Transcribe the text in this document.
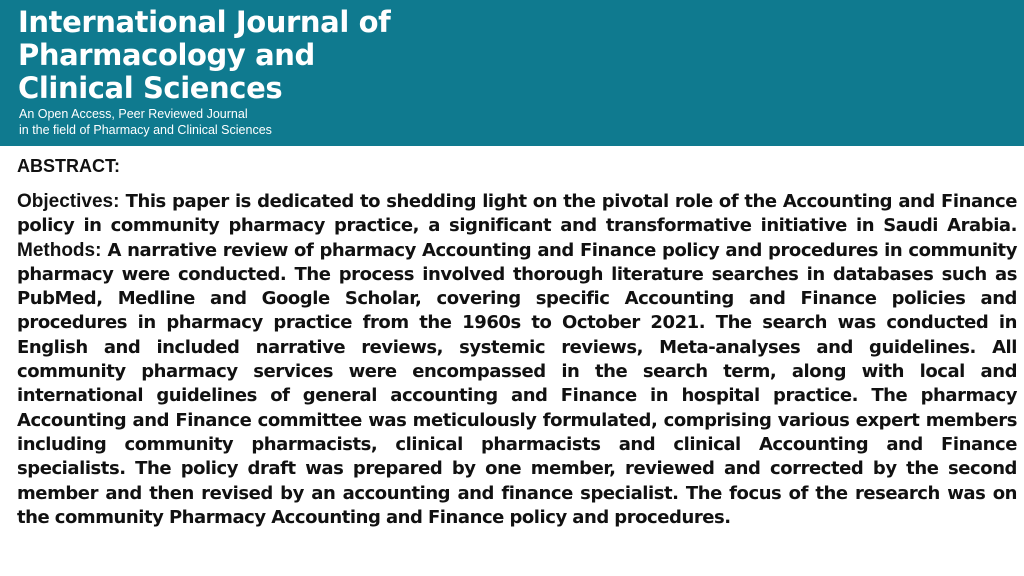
International Journal of
Pharmacology and
Clinical Sciences
An Open Access, Peer Reviewed Journal
in the field of Pharmacy and Clinical Sciences
ABSTRACT:

Objectives: This paper is dedicated to shedding light on the pivotal role of the Accounting and Finance policy in community pharmacy practice, a significant and transformative initiative in Saudi Arabia. Methods: A narrative review of pharmacy Accounting and Finance policy and procedures in community pharmacy were conducted. The process involved thorough literature searches in databases such as PubMed, Medline and Google Scholar, covering specific Accounting and Finance policies and procedures in pharmacy practice from the 1960s to October 2021. The search was conducted in English and included narrative reviews, systemic reviews, Meta-analyses and guidelines. All community pharmacy services were encompassed in the search term, along with local and international guidelines of general accounting and Finance in hospital practice. The pharmacy Accounting and Finance committee was meticulously formulated, comprising various expert members including community pharmacists, clinical pharmacists and clinical Accounting and Finance specialists. The policy draft was prepared by one member, reviewed and corrected by the second member and then revised by an accounting and finance specialist. The focus of the research was on the community Pharmacy Accounting and Finance policy and procedures.
